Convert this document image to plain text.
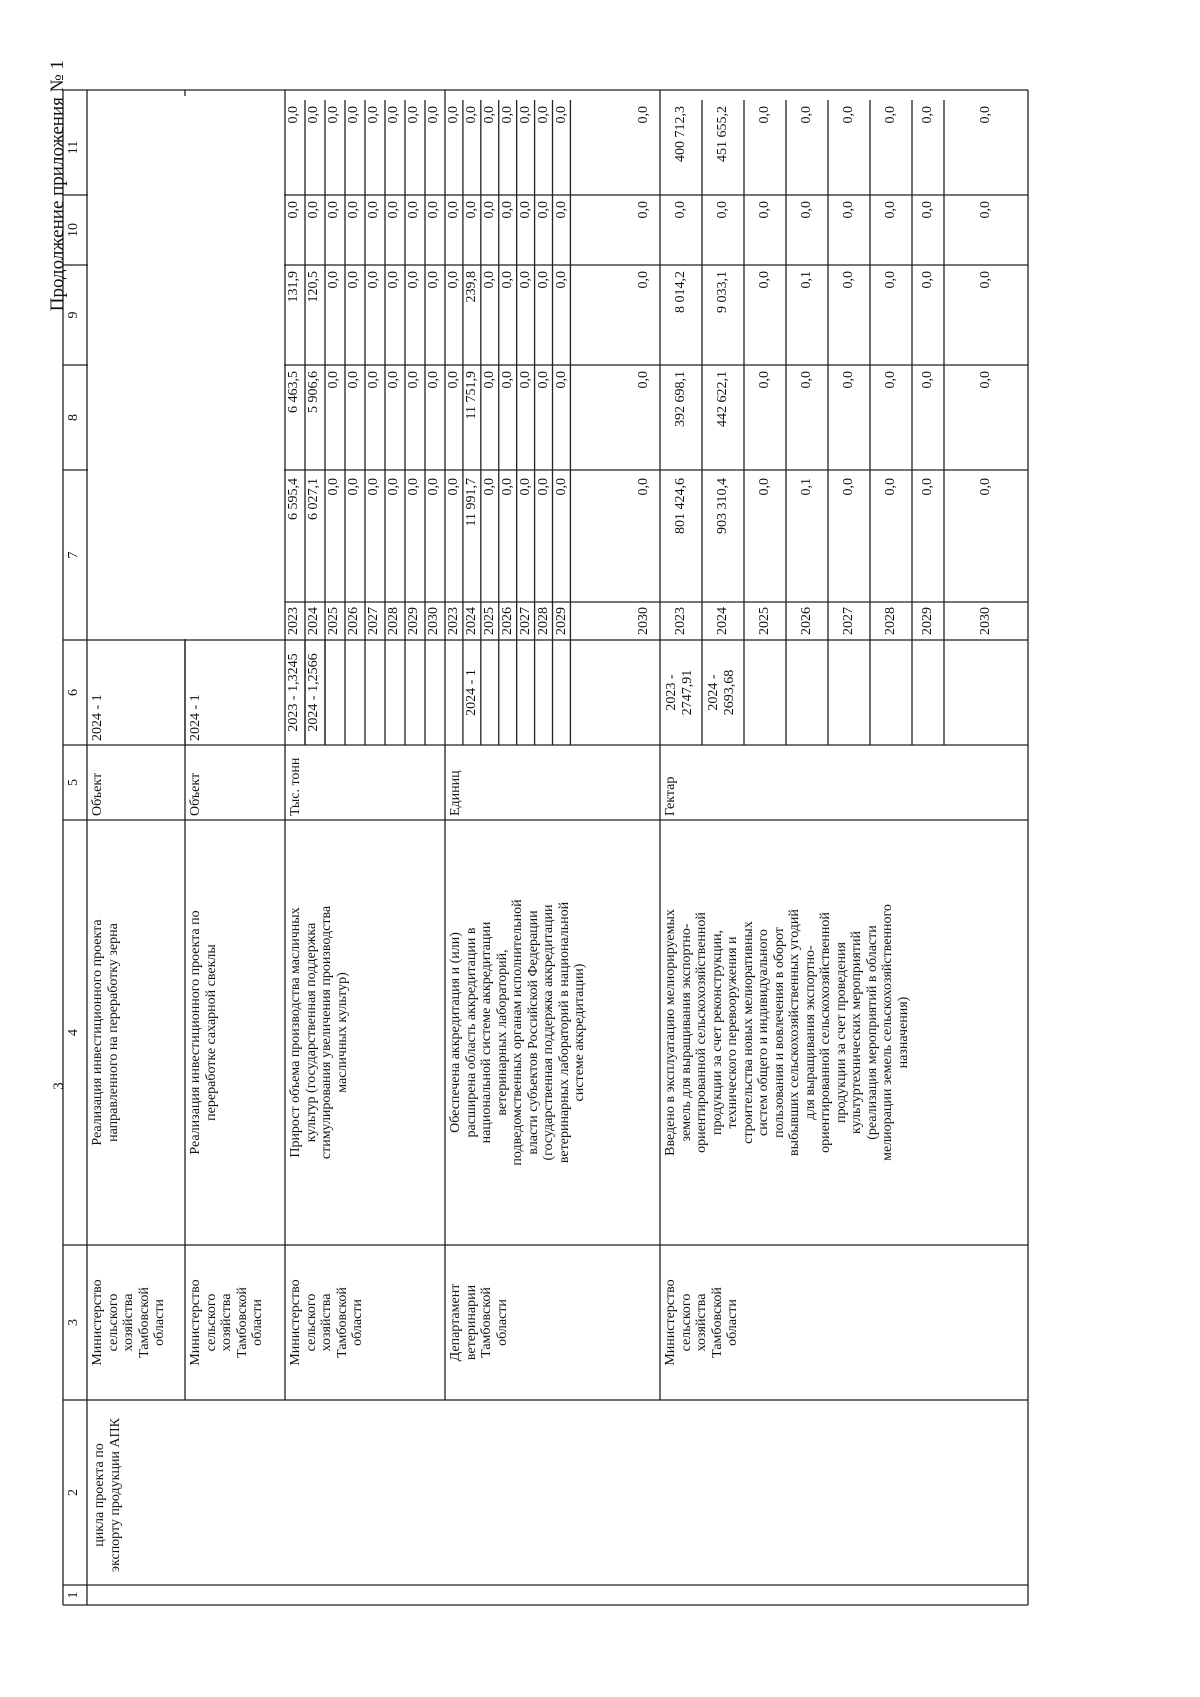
3
Продолжение приложения № 1
1
2
3
4
5
6
7
8
9
10
11
цикла проекта по экспорту продукции АПК
Министерство сельского хозяйства Тамбовской области
Реализация инвестиционного проекта направленного на переработку зерна
Объект
2024 - 1
Министерство сельского хозяйства Тамбовской области
Реализация инвестиционного проекта по переработке сахарной свеклы
Объект
2024 - 1
Министерство сельского хозяйства Тамбовской области
Прирост объема производства масличных культур (государственная поддержка стимулирования увеличения производства масличных культур)
Тыс. тонн
2023
6 595,4
6 463,5
131,9
0,0
0,0
2024
6 027,1
5 906,6
120,5
0,0
0,0
2025
0,0
0,0
0,0
0,0
0,0
2026
0,0
0,0
0,0
0,0
0,0
2027
0,0
0,0
0,0
0,0
0,0
2028
0,0
0,0
0,0
0,0
0,0
2029
0,0
0,0
0,0
0,0
0,0
2030
0,0
0,0
0,0
0,0
0,0
2023 - 1,3245 2024 - 1,2566
Департамент ветеринарии Тамбовской области
Обеспечена аккредитация и (или) расширена область аккредитации в национальной системе аккредитации ветеринарных лабораторий, подведомственных органам исполнительной власти субъектов Российской Федерации (государственная поддержка аккредитации ветеринарных лабораторий в национальной системе аккредитации)
Единиц
2023
0,0
0,0
0,0
0,0
0,0
2024
11 991,7
11 751,9
239,8
0,0
0,0
2025
0,0
0,0
0,0
0,0
0,0
2026
0,0
0,0
0,0
0,0
0,0
2027
0,0
0,0
0,0
0,0
0,0
2028
0,0
0,0
0,0
0,0
0,0
2029
0,0
0,0
0,0
0,0
0,0
2030
0,0
0,0
0,0
0,0
0,0
2024 - 1
Министерство сельского хозяйства Тамбовской области
Введено в эксплуатацию мелиорируемых земель для выращивания экспортно- ориентированной сельскохозяйственной продукции за счет реконструкции, технического перевооружения и строительства новых мелиоративных систем общего и индивидуального пользования и вовлечения в оборот выбывших сельскохозяйственных угодий для выращивания экспортно- ориентированной сельскохозяйственной продукции за счет проведения культуртехнических мероприятий (реализация мероприятий в области мелиорации земель сельскохозяйственного назначения)
Гектар
2023
801 424,6
392 698,1
8 014,2
0,0
400 712,3
2024
903 310,4
442 622,1
9 033,1
0,0
451 655,2
2025
0,0
0,0
0,0
0,0
0,0
2026
0,1
0,0
0,1
0,0
0,0
2027
0,0
0,0
0,0
0,0
0,0
2028
0,0
0,0
0,0
0,0
0,0
2029
0,0
0,0
0,0
0,0
0,0
2030
0,0
0,0
0,0
0,0
0,0
2023 - 2747,91 2024 - 2693,68
